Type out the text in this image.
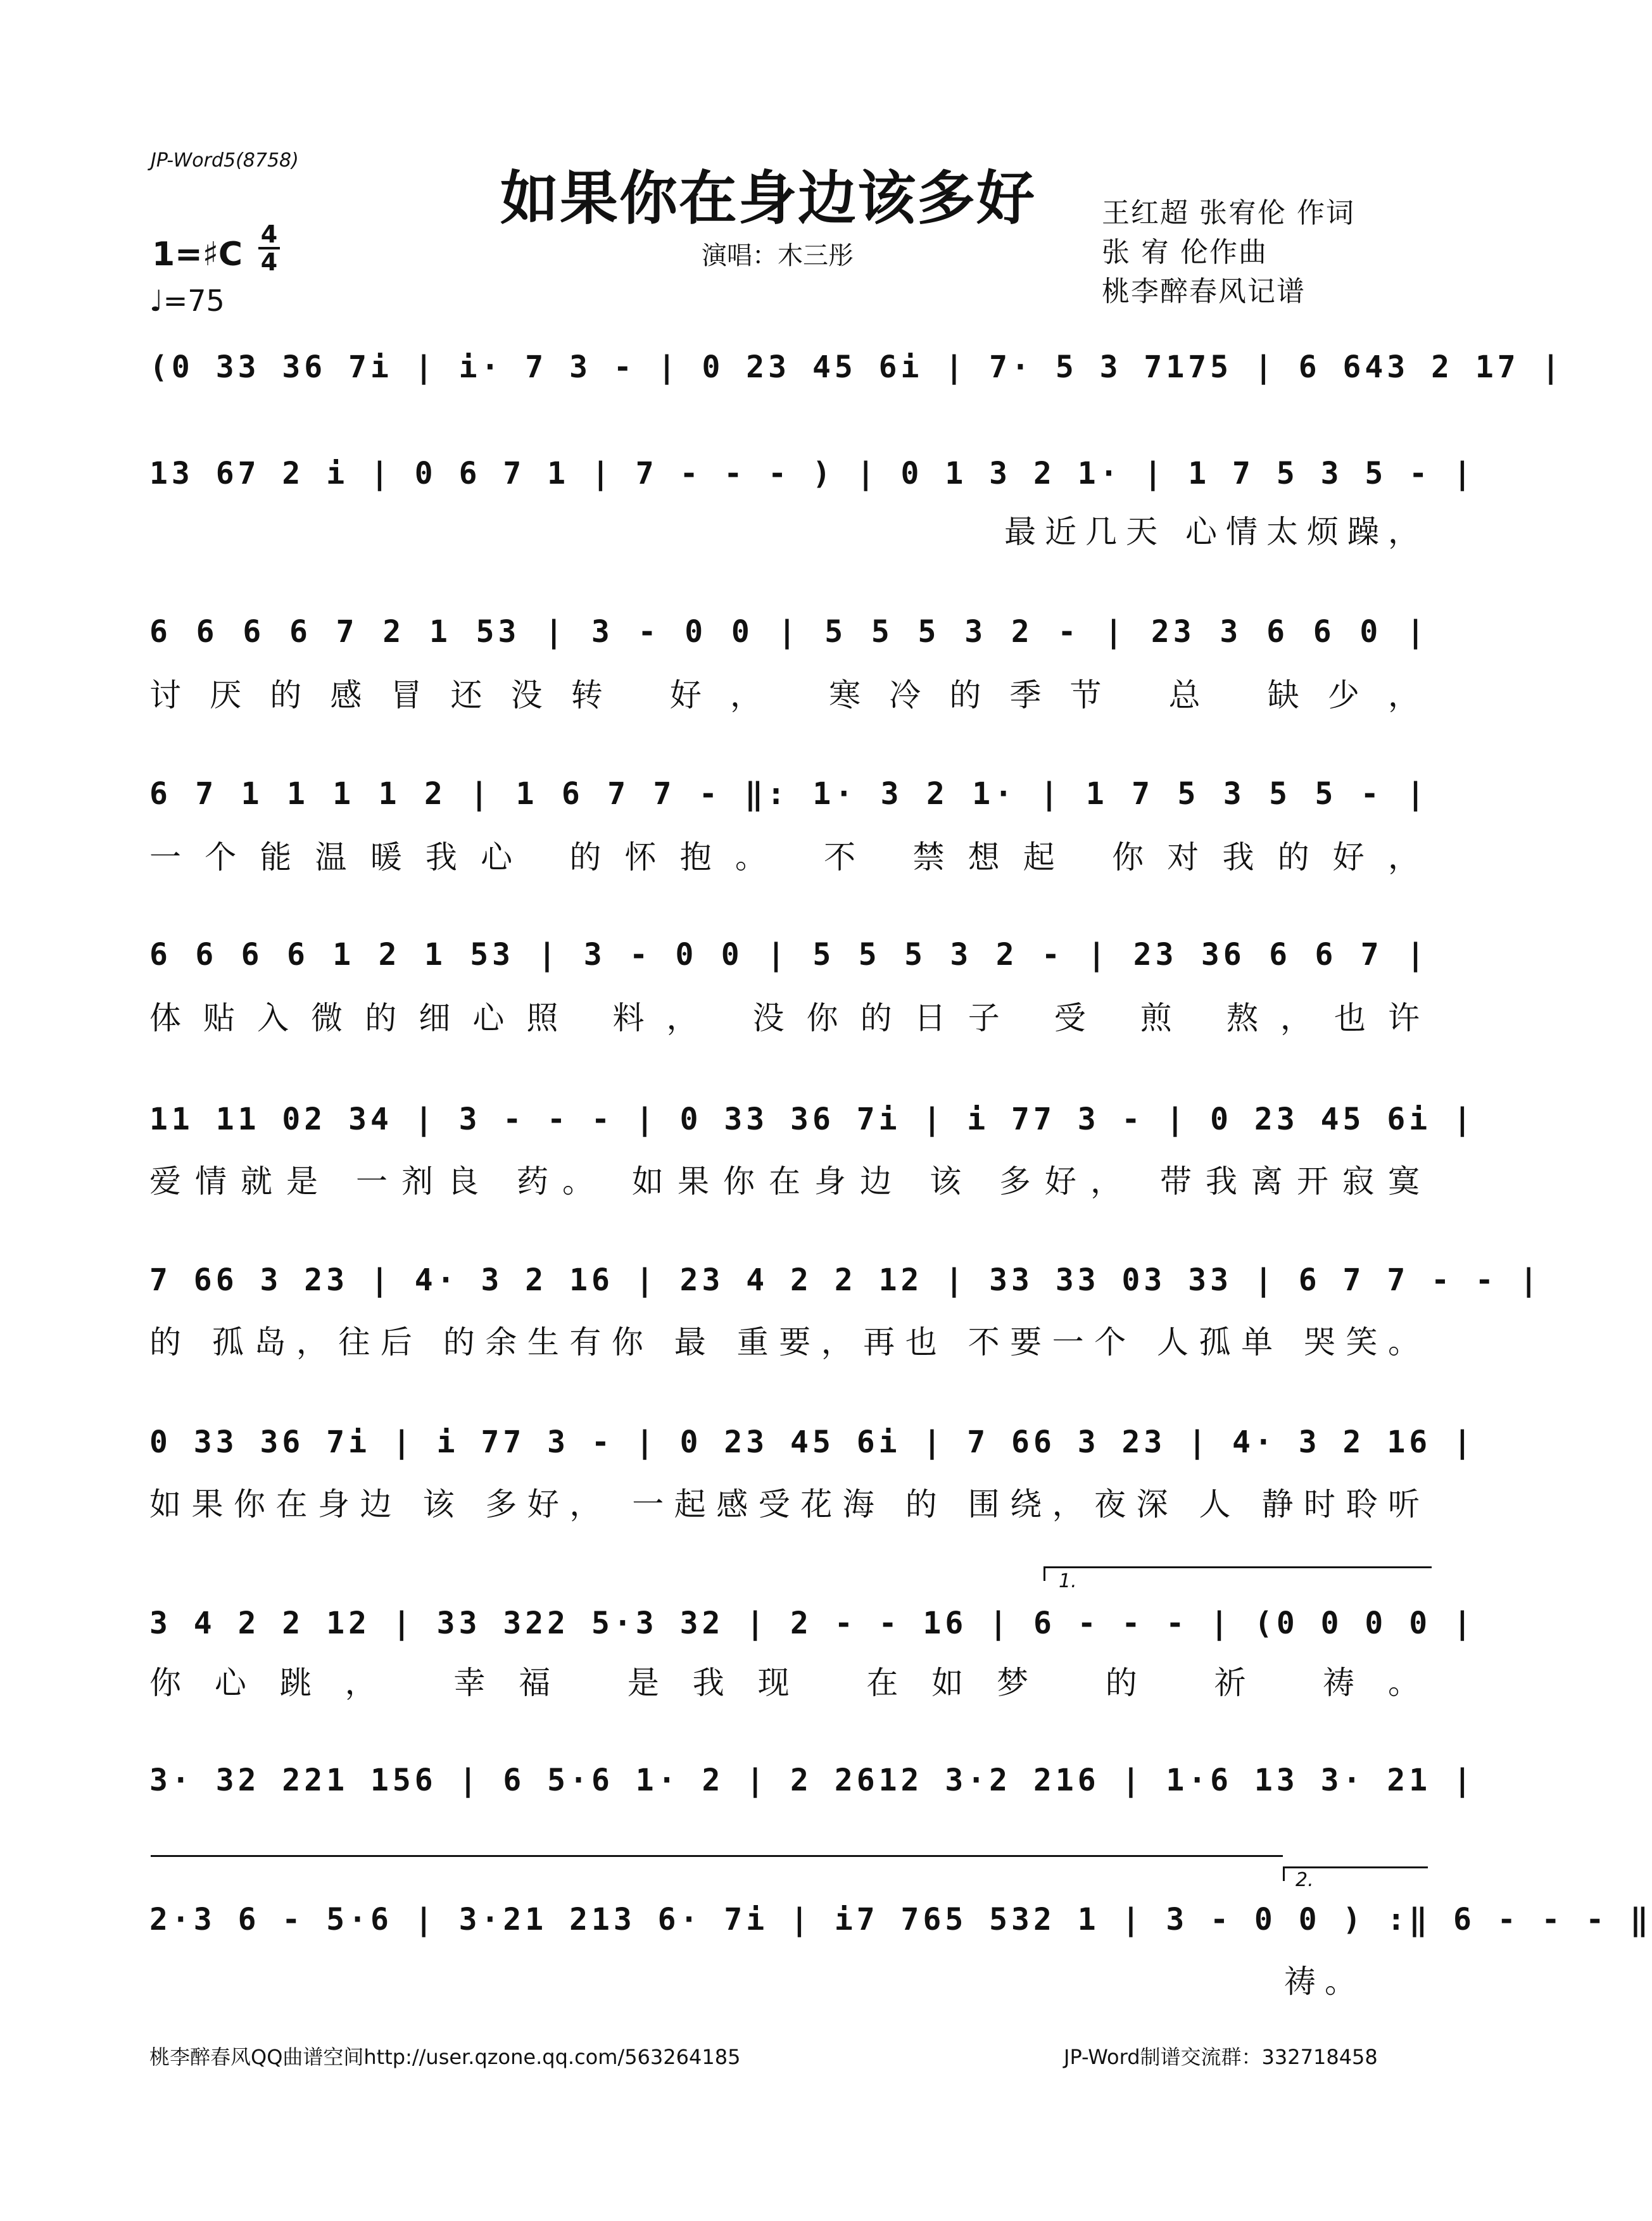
JP-Word5(8758)
如果你在身边该多好
演唱：木三彤
王红超 张宥伦 作词
张 宥 伦作曲
桃李醉春风记谱
1=♯C
4
4
♩=75
(0 33 36 7i | i· 7 3 - | 0 23 45 6i | 7· 5 3 7175 | 6 643 2 17 |
13 67 2 i | 0 6 7 1 | 7 - - - ) | 0 1 3 2 1· | 1 7 5 3 5 - |
最近几天 心情太烦躁，
6 6 6 6 7 2 1 53 | 3 - 0 0 | 5 5 5 3 2 - | 23 3 6 6 0 |
讨厌的感冒还没转 好， 寒冷的季节 总 缺少，
6 7 1 1 1 1 2 | 1 6 7 7 - ‖: 1· 3 2 1· | 1 7 5 3 5 5 - |
一个能温暖我心 的怀抱。 不 禁想起 你对我的好，
6 6 6 6 1 2 1 53 | 3 - 0 0 | 5 5 5 3 2 - | 23 36 6 6 7 |
体贴入微的细心照 料， 没你的日子 受 煎 熬，也许
11 11 02 34 | 3 - - - | 0 33 36 7i | i 77 3 - | 0 23 45 6i |
爱情就是 一剂良 药。 如果你在身边 该 多好， 带我离开寂寞
7 66 3 23 | 4· 3 2 16 | 23 4 2 2 12 | 33 33 03 33 | 6 7 7 - - |
的 孤岛，往后 的余生有你 最 重要，再也 不要一个 人孤单 哭笑。
0 33 36 7i | i 77 3 - | 0 23 45 6i | 7 66 3 23 | 4· 3 2 16 |
如果你在身边 该 多好， 一起感受花海 的 围绕，夜深 人 静时聆听
1.
3 4 2 2 12 | 33 322 5·3 32 | 2 - - 16 | 6 - - - | (0 0 0 0 |
你心跳， 幸福 是我现 在如梦 的 祈 祷。
3· 32 221 156 | 6 5·6 1· 2 | 2 2612 3·2 216 | 1·6 13 3· 21 |
2.
2·3 6 - 5·6 | 3·21 213 6· 7i | i7 765 532 1 | 3 - 0 0 ) :‖ 6 - - - ‖
祷。
桃李醉春风QQ曲谱空间http://user.qzone.qq.com/563264185	JP-Word制谱交流群：332718458
